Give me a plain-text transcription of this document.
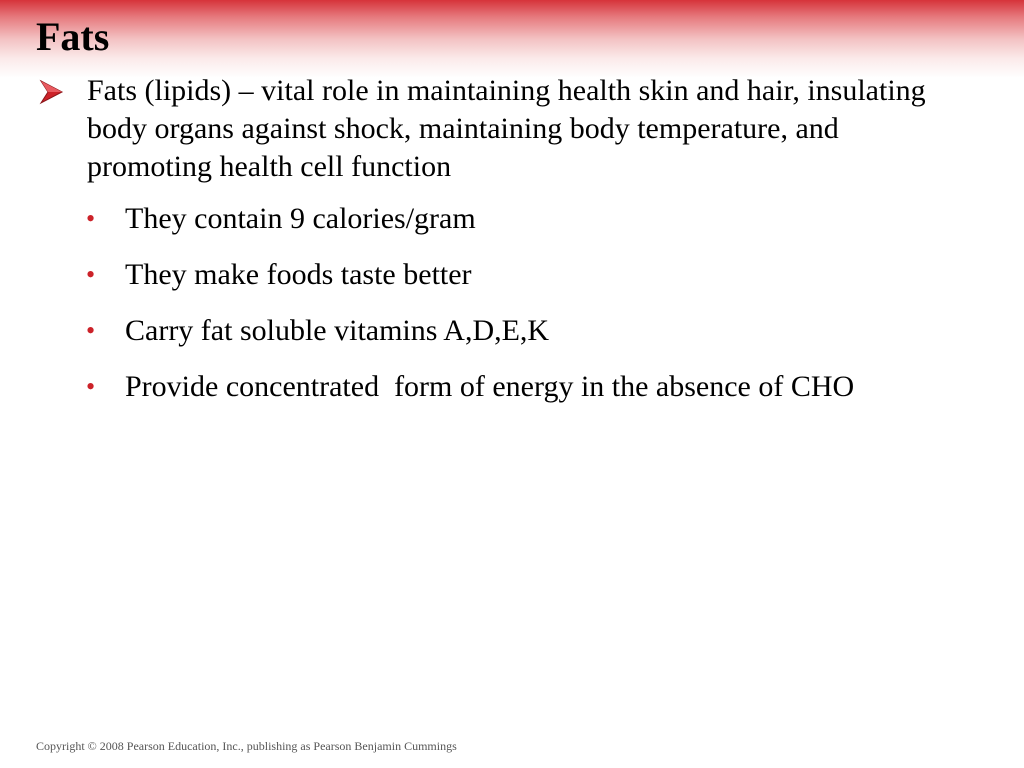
Fats
Fats (lipids) – vital role in maintaining health skin and hair, insulating body organs against shock, maintaining body temperature, and promoting health cell function
• They contain 9 calories/gram
• They make foods taste better
• Carry fat soluble vitamins A,D,E,K
• Provide concentrated  form of energy in the absence of CHO
Copyright © 2008 Pearson Education, Inc., publishing as Pearson Benjamin Cummings
